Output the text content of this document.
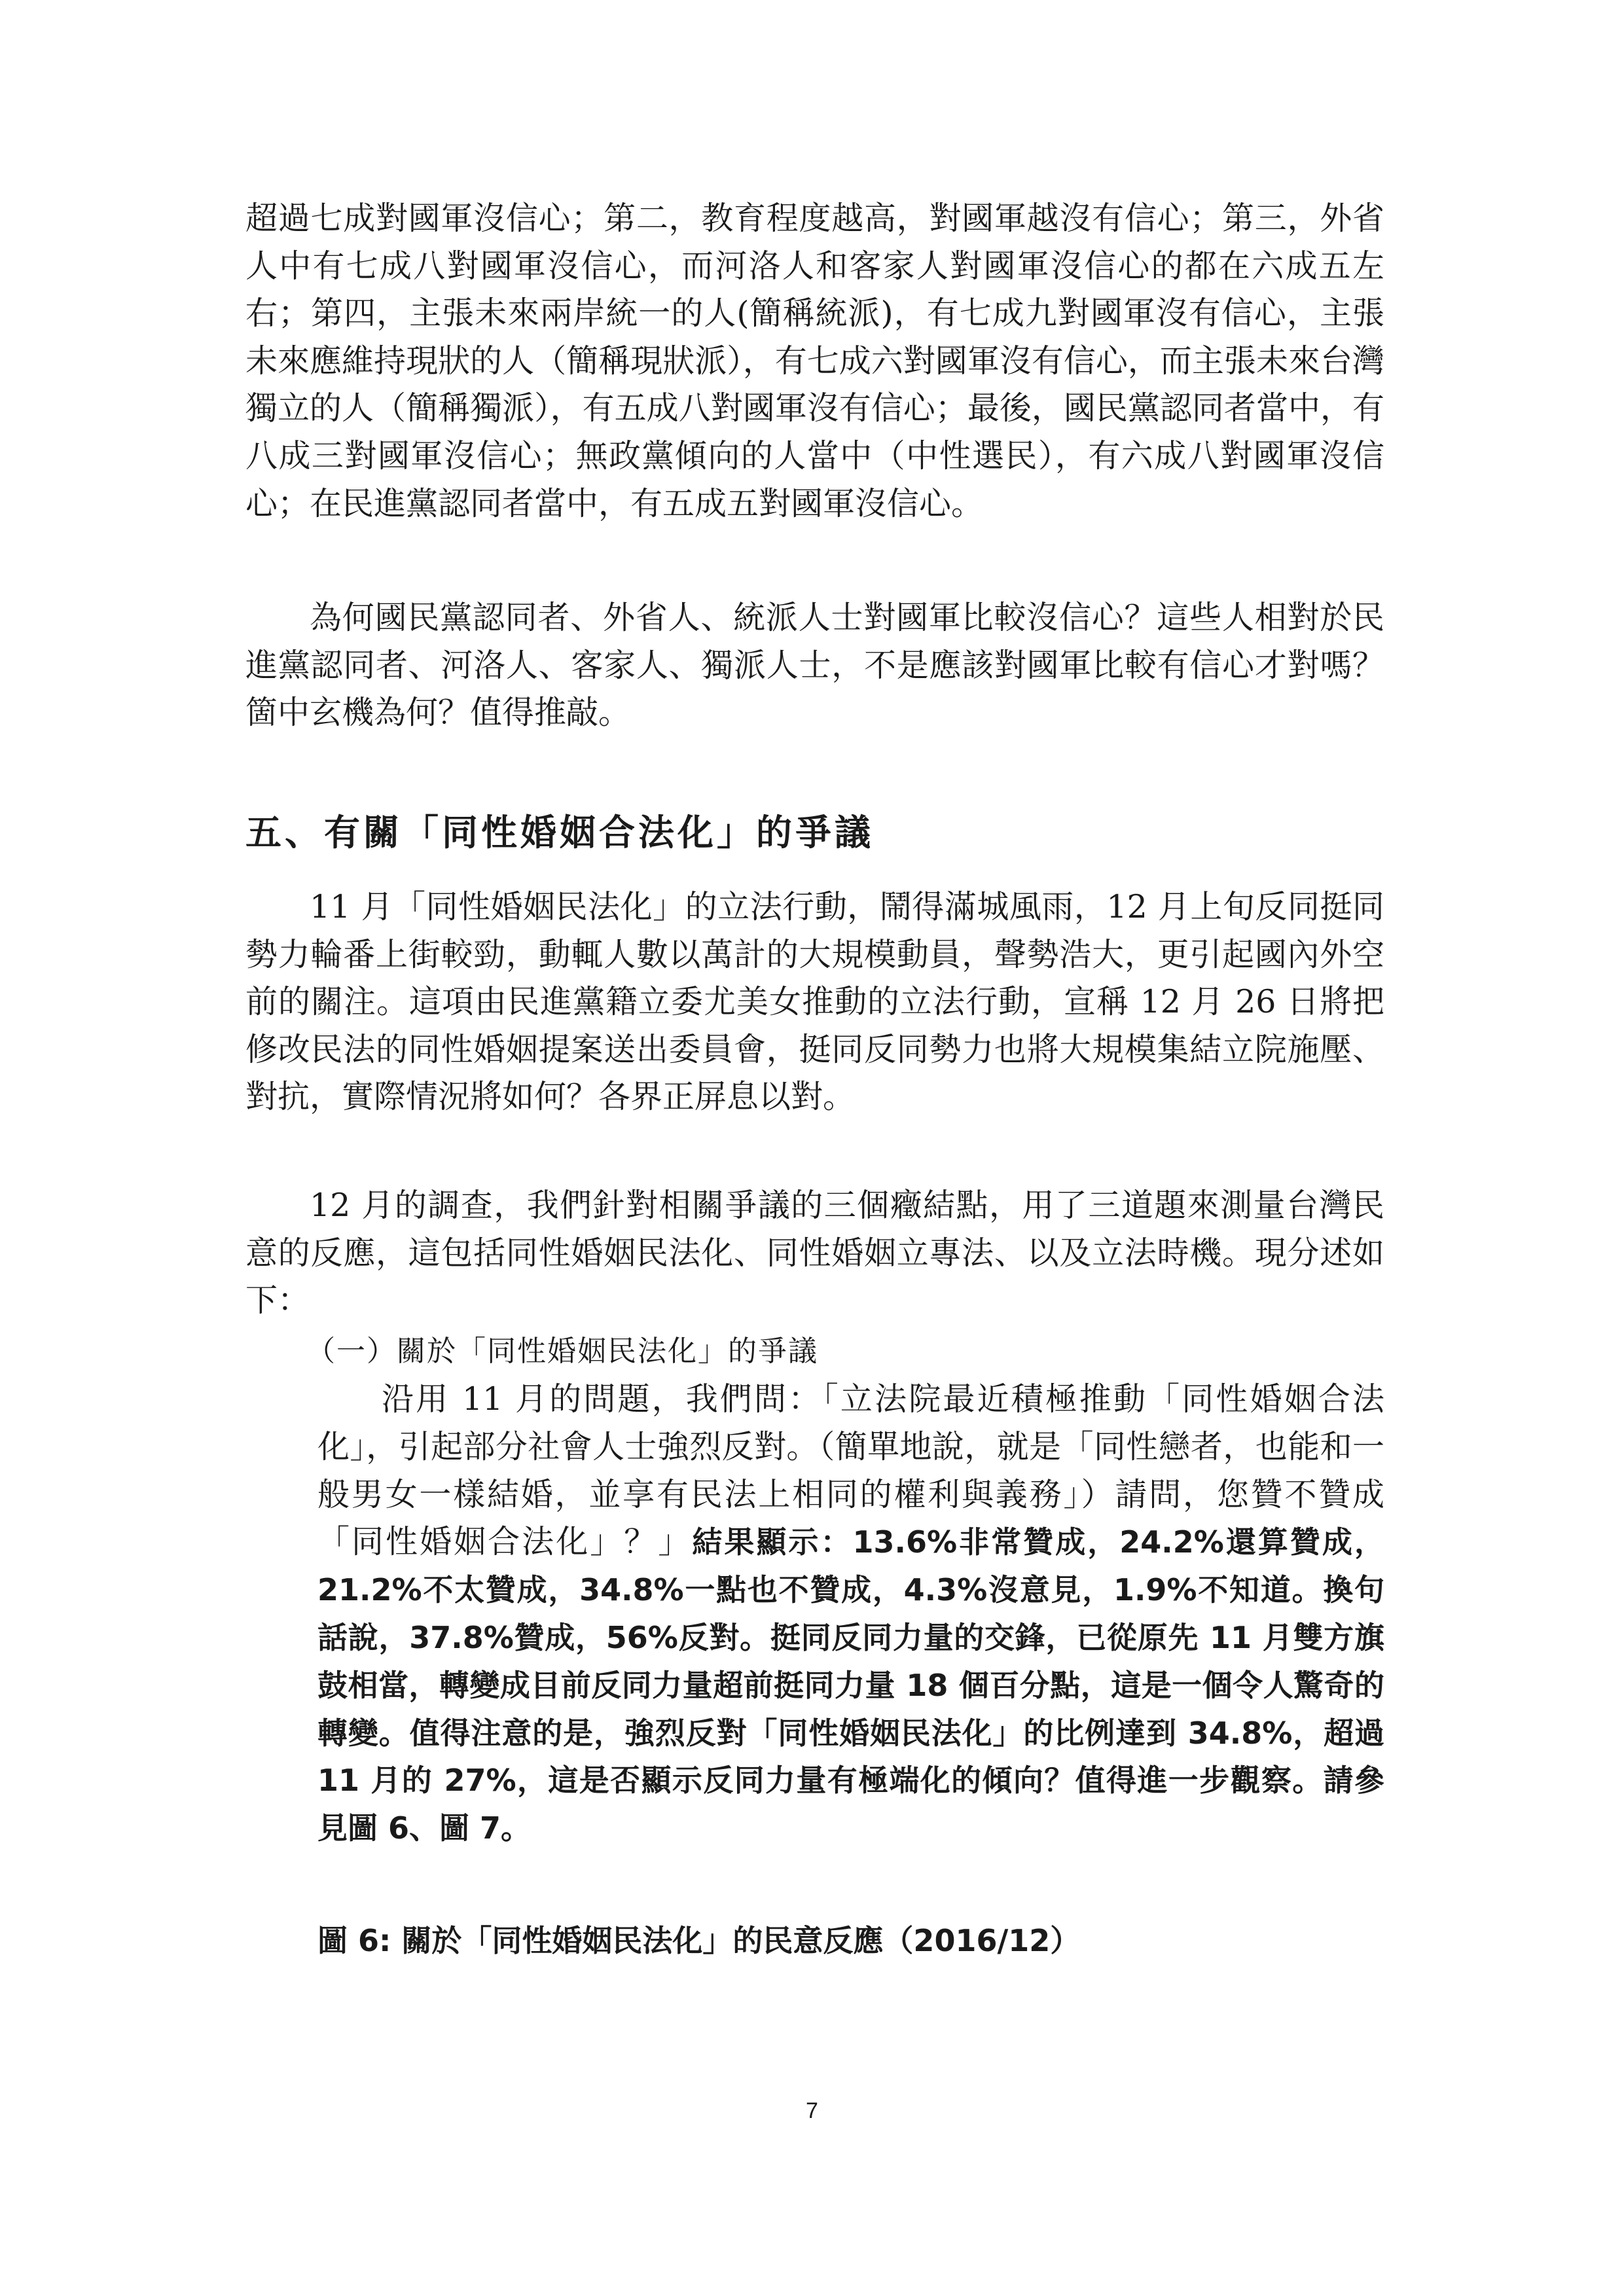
超過七成對國軍沒信心；第二，教育程度越高，對國軍越沒有信心；第三，外省人中有七成八對國軍沒信心，而河洛人和客家人對國軍沒信心的都在六成五左右；第四，主張未來兩岸統一的人(簡稱統派)，有七成九對國軍沒有信心，主張未來應維持現狀的人（簡稱現狀派），有七成六對國軍沒有信心，而主張未來台灣獨立的人（簡稱獨派），有五成八對國軍沒有信心；最後，國民黨認同者當中，有八成三對國軍沒信心；無政黨傾向的人當中（中性選民），有六成八對國軍沒信心；在民進黨認同者當中，有五成五對國軍沒信心。

為何國民黨認同者、外省人、統派人士對國軍比較沒信心？這些人相對於民進黨認同者、河洛人、客家人、獨派人士，不是應該對國軍比較有信心才對嗎？箇中玄機為何？值得推敲。

五、有關「同性婚姻合法化」的爭議

11 月「同性婚姻民法化」的立法行動，鬧得滿城風雨，12 月上旬反同挺同勢力輪番上街較勁，動輒人數以萬計的大規模動員，聲勢浩大，更引起國內外空前的關注。這項由民進黨籍立委尤美女推動的立法行動，宣稱 12 月 26 日將把修改民法的同性婚姻提案送出委員會，挺同反同勢力也將大規模集結立院施壓、對抗，實際情況將如何？各界正屏息以對。

12 月的調查，我們針對相關爭議的三個癥結點，用了三道題來測量台灣民意的反應，這包括同性婚姻民法化、同性婚姻立專法、以及立法時機。現分述如下：

（一）關於「同性婚姻民法化」的爭議

沿用 11 月的問題，我們問：「立法院最近積極推動「同性婚姻合法化」，引起部分社會人士強烈反對。（簡單地說，就是「同性戀者，也能和一般男女一樣結婚，並享有民法上相同的權利與義務」）請問，您贊不贊成「同性婚姻合法化」？」結果顯示：13.6%非常贊成，24.2%還算贊成，21.2%不太贊成，34.8%一點也不贊成，4.3%沒意見，1.9%不知道。換句話說，37.8%贊成，56%反對。挺同反同力量的交鋒，已從原先 11 月雙方旗鼓相當，轉變成目前反同力量超前挺同力量 18 個百分點，這是一個令人驚奇的轉變。值得注意的是，強烈反對「同性婚姻民法化」的比例達到 34.8%，超過 11 月的 27%，這是否顯示反同力量有極端化的傾向？值得進一步觀察。請參見圖 6、圖 7。

圖 6: 關於「同性婚姻民法化」的民意反應（2016/12）

7
